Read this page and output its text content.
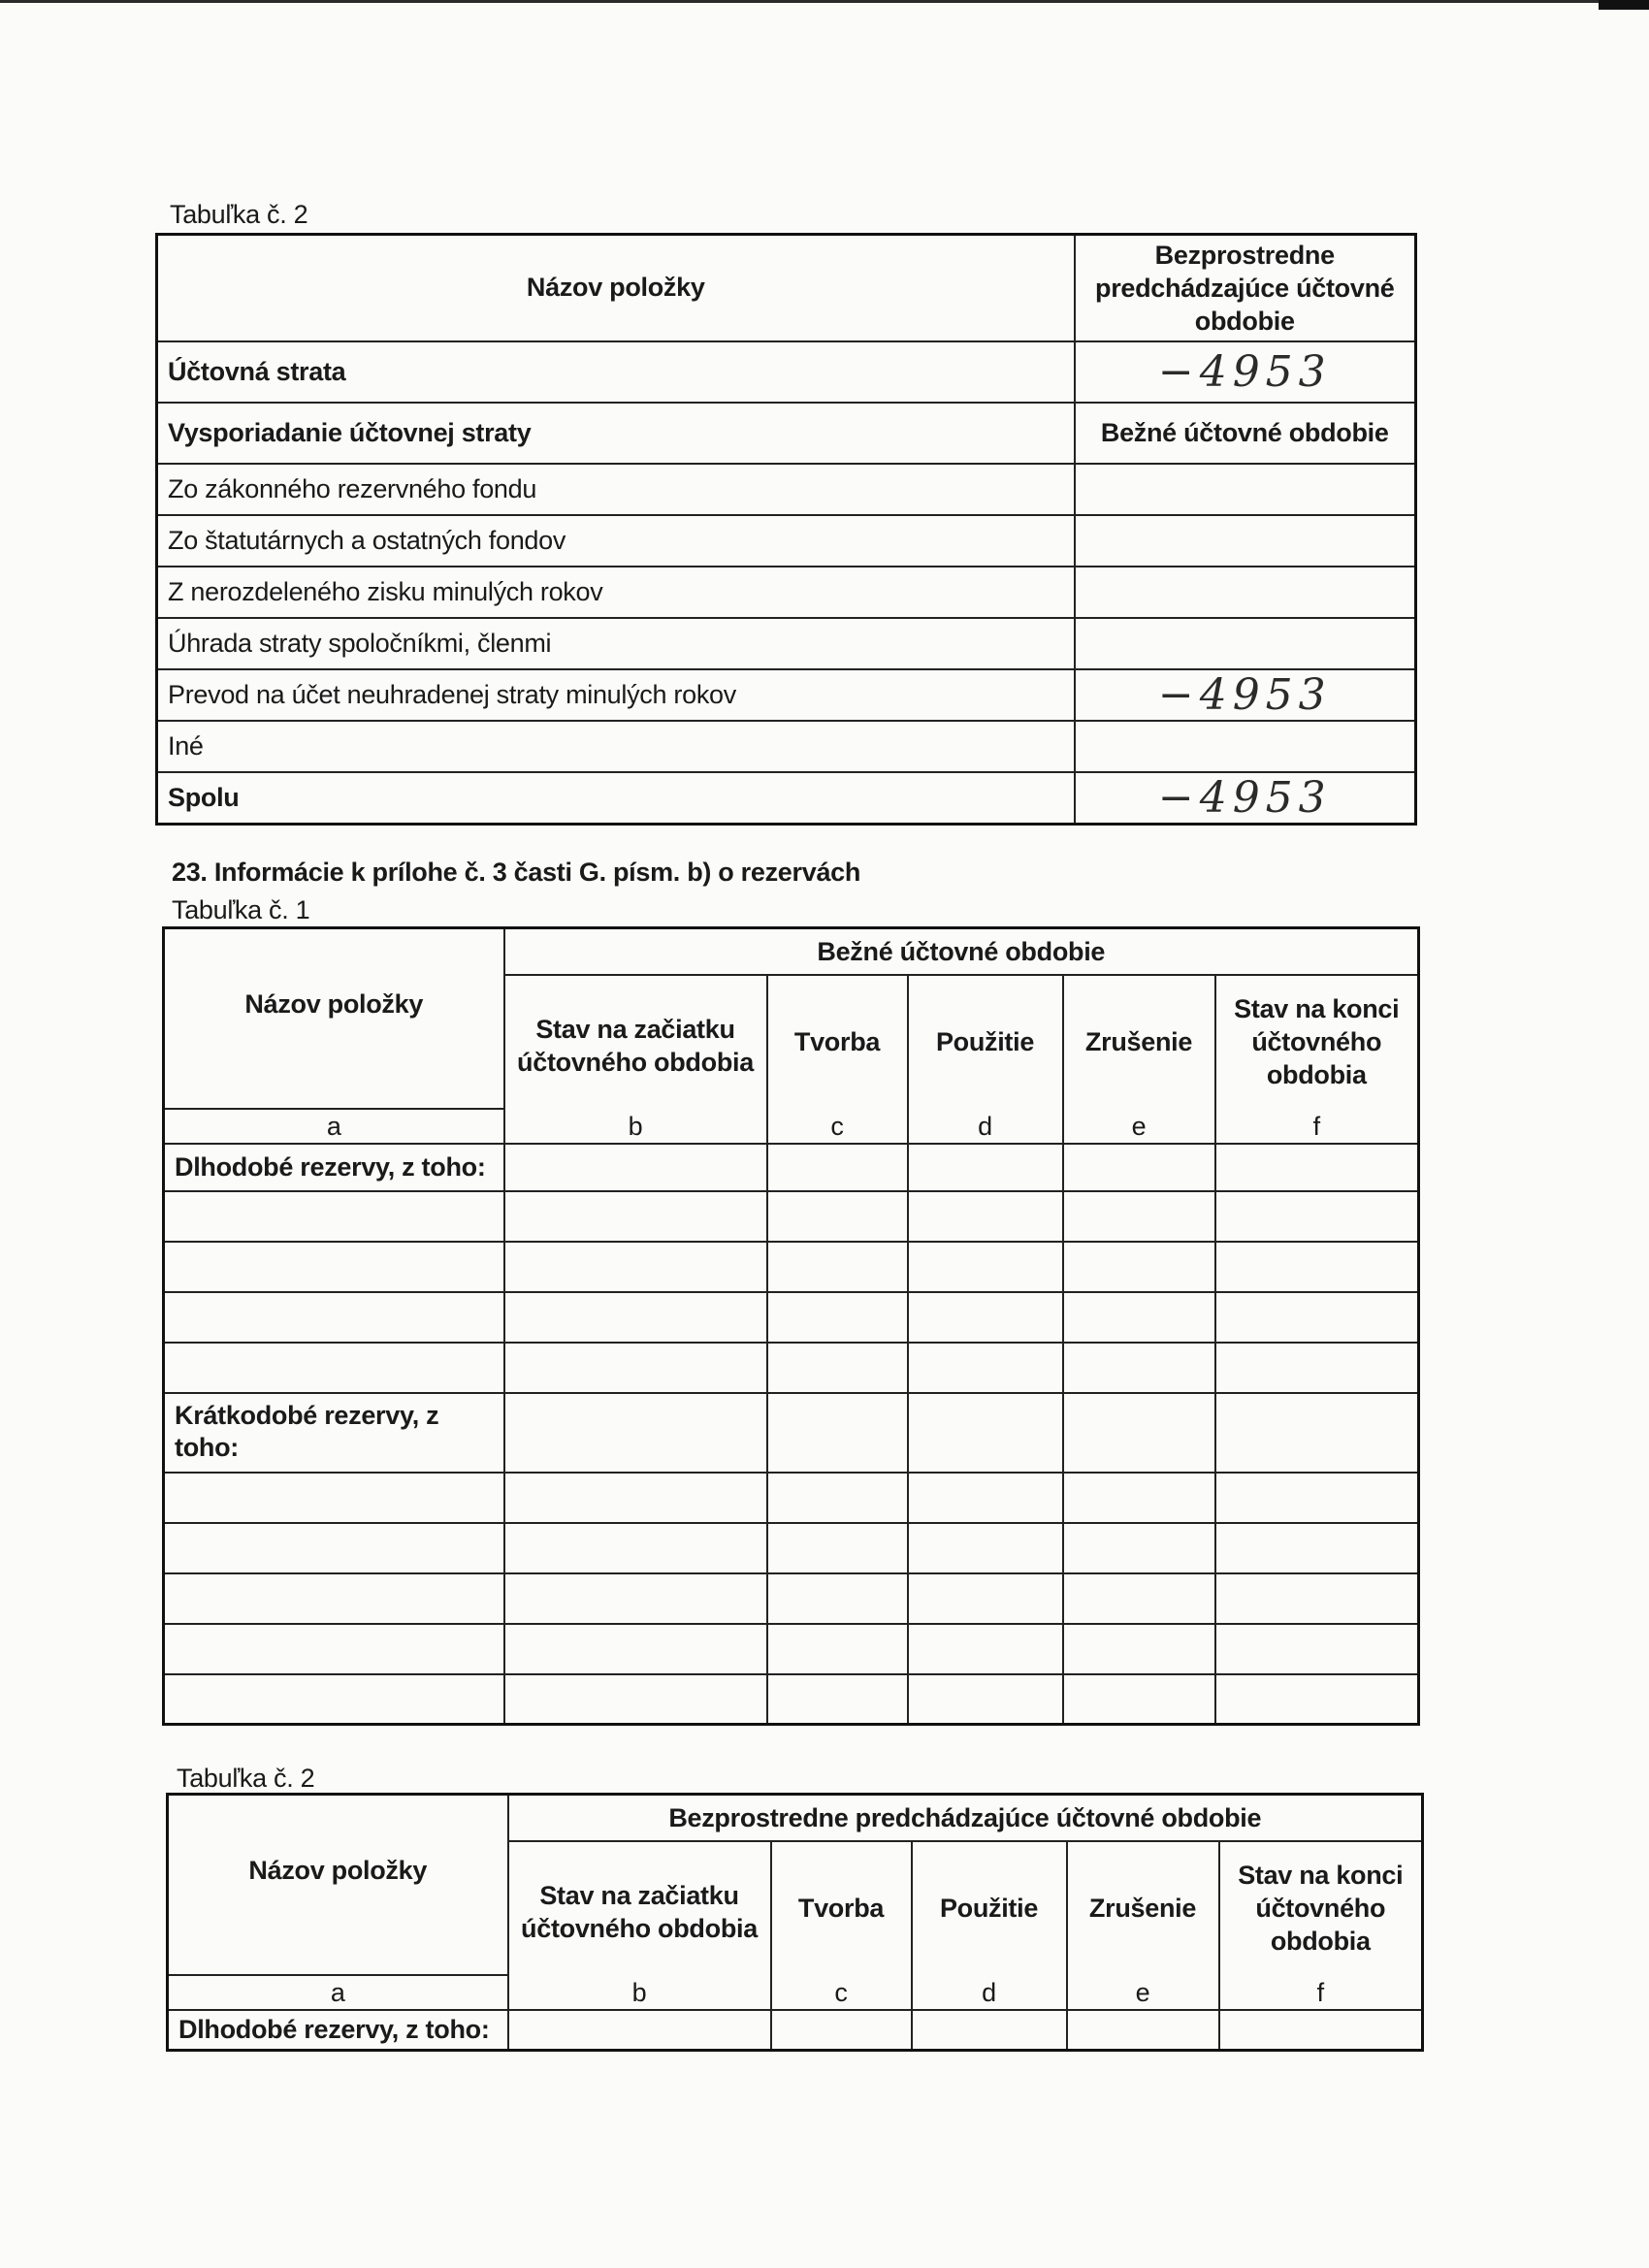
Tabuľka č. 2
Názov položky	Bezprostredne predchádzajúce účtovné obdobie
Účtovná strata	−4953
Vysporiadanie účtovnej straty	Bežné účtovné obdobie
Zo zákonného rezervného fondu	
Zo štatutárnych a ostatných fondov	
Z nerozdeleného zisku minulých rokov	
Úhrada straty spoločníkmi, členmi	
Prevod na účet neuhradenej straty minulých rokov	−4953
Iné	
Spolu	−4953
23. Informácie k prílohe č. 3 časti G. písm. b) o rezervách
Tabuľka č. 1
Názov položky	Bežné účtovné obdobie				
	Stav na začiatku účtovného obdobia	Tvorba	Použitie	Zrušenie	Stav na konci účtovného obdobia
a	b	c	d	e	f
Dlhodobé rezervy, z toho:					

Krátkodobé rezervy, z toho:					

Tabuľka č. 2
Názov položky	Bezprostredne predchádzajúce účtovné obdobie				
	Stav na začiatku účtovného obdobia	Tvorba	Použitie	Zrušenie	Stav na konci účtovného obdobia
a	b	c	d	e	f
Dlhodobé rezervy, z toho:					
